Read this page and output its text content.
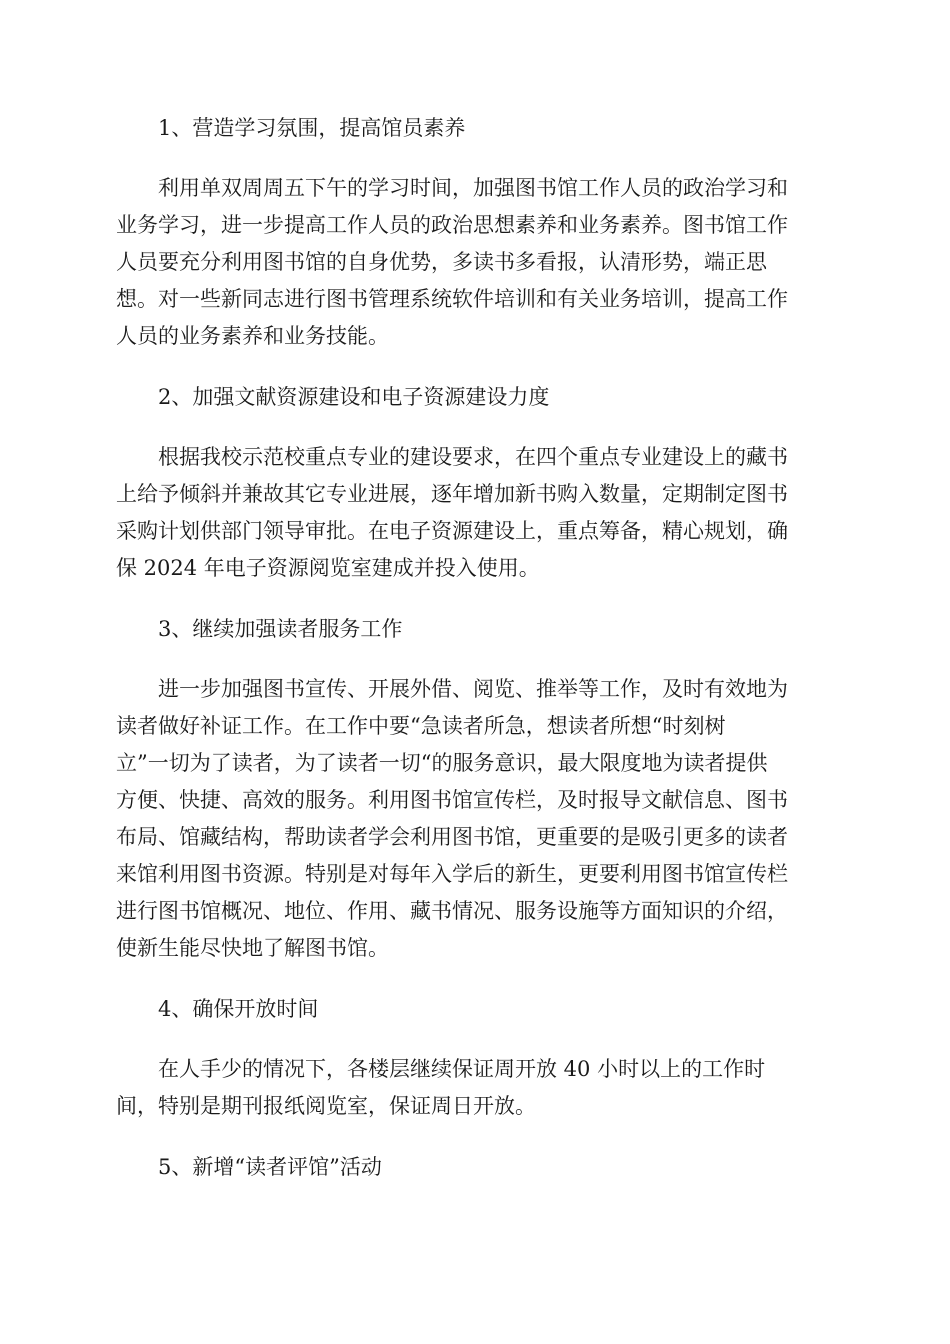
1、营造学习氛围，提高馆员素养

利用单双周周五下午的学习时间，加强图书馆工作人员的政治学习和
业务学习，进一步提高工作人员的政治思想素养和业务素养。图书馆工作
人员要充分利用图书馆的自身优势，多读书多看报，认清形势，端正思
想。对一些新同志进行图书管理系统软件培训和有关业务培训，提高工作
人员的业务素养和业务技能。

2、加强文献资源建设和电子资源建设力度

根据我校示范校重点专业的建设要求，在四个重点专业建设上的藏书
上给予倾斜并兼故其它专业进展，逐年增加新书购入数量，定期制定图书
采购计划供部门领导审批。在电子资源建设上，重点筹备，精心规划，确
保 2024 年电子资源阅览室建成并投入使用。

3、继续加强读者服务工作

进一步加强图书宣传、开展外借、阅览、推举等工作，及时有效地为
读者做好补证工作。在工作中要“急读者所急，想读者所想“时刻树
立”一切为了读者，为了读者一切“的服务意识，最大限度地为读者提供
方便、快捷、高效的服务。利用图书馆宣传栏，及时报导文献信息、图书
布局、馆藏结构，帮助读者学会利用图书馆，更重要的是吸引更多的读者
来馆利用图书资源。特别是对每年入学后的新生，更要利用图书馆宣传栏
进行图书馆概况、地位、作用、藏书情况、服务设施等方面知识的介绍，
使新生能尽快地了解图书馆。

4、确保开放时间

在人手少的情况下，各楼层继续保证周开放 40 小时以上的工作时
间，特别是期刊报纸阅览室，保证周日开放。

5、新增“读者评馆”活动
